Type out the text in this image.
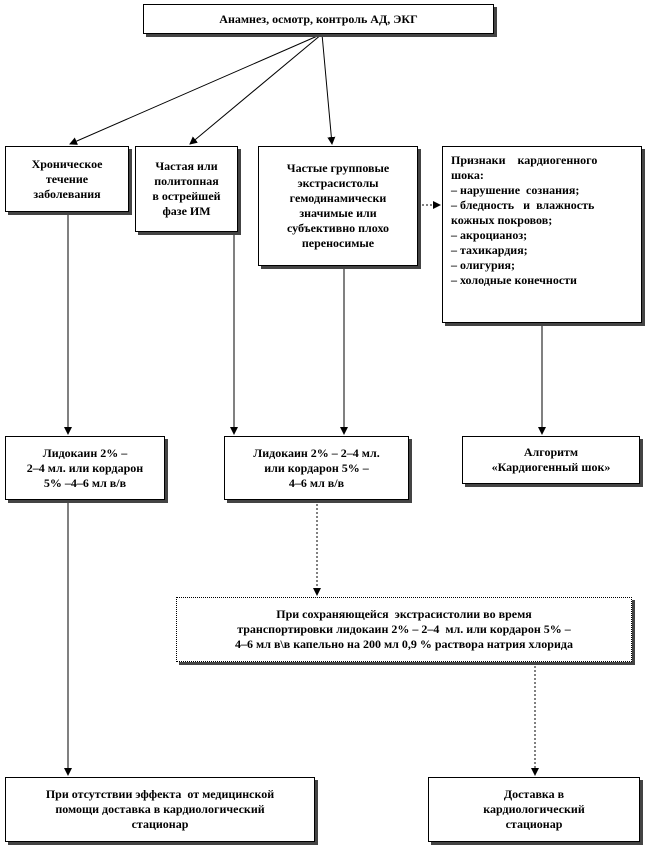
Анамнез, осмотр, контроль АД, ЭКГ
Хроническое
течение
заболевания
Частая или
политопная
в острейшей
фазе ИМ
Частые групповые
экстрасистолы
гемодинамически
значимые или
субъективно плохо
переносимые
Признаки    кардиогенного
шока:
– нарушение  сознания;
– бледность   и  влажность
кожных покровов;
– акроцианоз;
– тахикардия;
– олигурия;
– холодные конечности
Лидокаин 2% –
2–4 мл. или кордарон
5% –4–6 мл в/в
Лидокаин 2% – 2–4 мл.
или кордарон 5% –
4–6 мл в/в
Алгоритм
«Кардиогенный шок»
При сохраняющейся  экстрасистолии во время
транспортировки лидокаин 2% – 2–4  мл. или кордарон 5% –
4–6 мл в\в капельно на 200 мл 0,9 % раствора натрия хлорида
При отсутствии эффекта  от медицинской
помощи доставка в кардиологический
стационар
Доставка в
кардиологический
стационар
